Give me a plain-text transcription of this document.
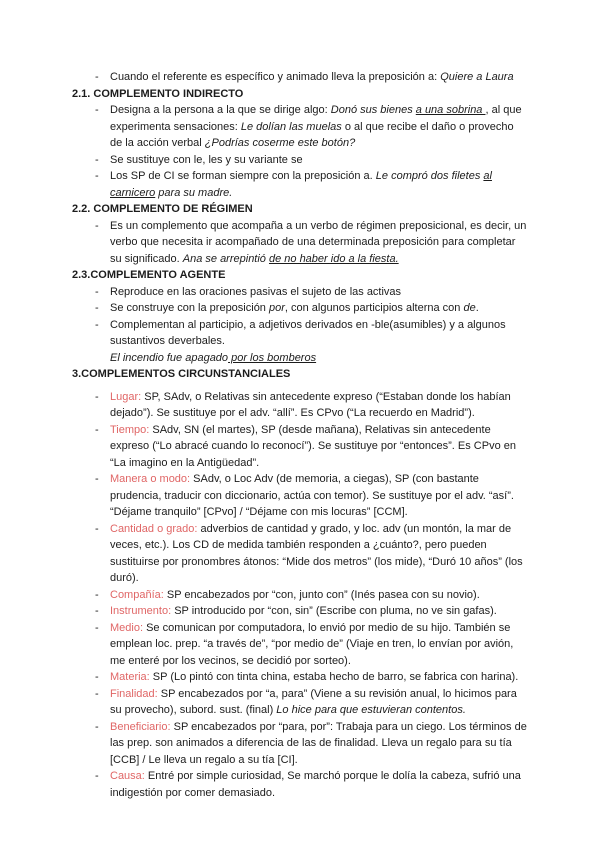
- Cuando el referente es específico y animado lleva la preposición a: Quiere a Laura
2.1. COMPLEMENTO INDIRECTO
- Designa a la persona a la que se dirige algo: Donó sus bienes a una sobrina , al que experimenta sensaciones: Le dolían las muelas o al que recibe el daño o provecho de la acción verbal ¿Podrías coserme este botón?
- Se sustituye con le, les y su variante se
- Los SP de CI se forman siempre con la preposición a. Le compró dos filetes al carnicero para su madre.
2.2. COMPLEMENTO DE RÉGIMEN
- Es un complemento que acompaña a un verbo de régimen preposicional, es decir, un verbo que necesita ir acompañado de una determinada preposición para completar su significado. Ana se arrepintió de no haber ido a la fiesta.
2.3.COMPLEMENTO AGENTE
- Reproduce en las oraciones pasivas el sujeto de las activas
- Se construye con la preposición por, con algunos participios alterna con de.
- Complementan al participio, a adjetivos derivados en -ble(asumibles) y a algunos sustantivos deverbales.
El incendio fue apagado por los bomberos
3.COMPLEMENTOS CIRCUNSTANCIALES
- Lugar: SP, SAdv, o Relativas sin antecedente expreso (“Estaban donde los habían dejado”). Se sustituye por el adv. “allí”. Es CPvo (“La recuerdo en Madrid”).
- Tiempo: SAdv, SN (el martes), SP (desde mañana), Relativas sin antecedente expreso (“Lo abracé cuando lo reconocí”). Se sustituye por “entonces”. Es CPvo en “La imagino en la Antigüedad”.
- Manera o modo: SAdv, o Loc Adv (de memoria, a ciegas), SP (con bastante prudencia, traducir con diccionario, actúa con temor). Se sustituye por el adv. “así”. “Déjame tranquilo” [CPvo] / “Déjame con mis locuras” [CCM].
- Cantidad o grado: adverbios de cantidad y grado, y loc. adv (un montón, la mar de veces, etc.). Los CD de medida también responden a ¿cuánto?, pero pueden sustituirse por pronombres átonos: “Mide dos metros” (los mide), “Duró 10 años” (los duró).
- Compañía: SP encabezados por “con, junto con” (Inés pasea con su novio).
- Instrumento: SP introducido por “con, sin” (Escribe con pluma, no ve sin gafas).
- Medio: Se comunican por computadora, lo envió por medio de su hijo. También se emplean loc. prep. “a través de”, “por medio de” (Viaje en tren, lo envían por avión, me enteré por los vecinos, se decidió por sorteo).
- Materia: SP (Lo pintó con tinta china, estaba hecho de barro, se fabrica con harina).
- Finalidad: SP encabezados por “a, para” (Viene a su revisión anual, lo hicimos para su provecho), subord. sust. (final) Lo hice para que estuvieran contentos.
- Beneficiario: SP encabezados por “para, por”: Trabaja para un ciego. Los términos de las prep. son animados a diferencia de las de finalidad. Lleva un regalo para su tía [CCB] / Le lleva un regalo a su tía [CI].
- Causa: Entré por simple curiosidad, Se marchó porque le dolía la cabeza, sufrió una indigestión por comer demasiado.
